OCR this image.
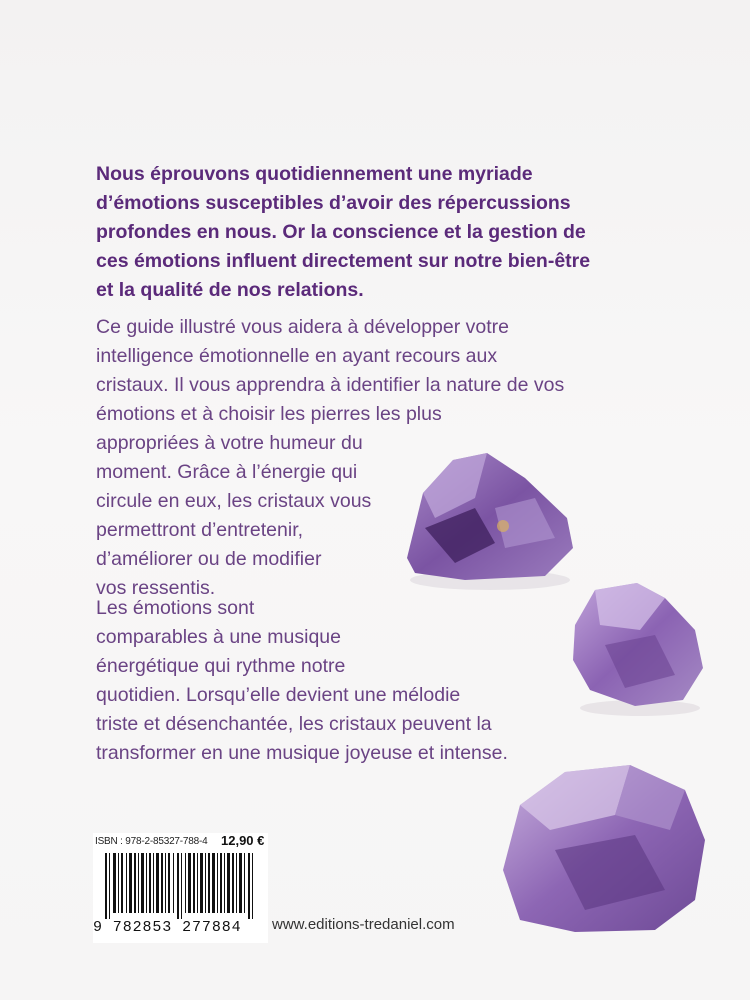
Nous éprouvons quotidiennement une myriade
d’émotions susceptibles d’avoir des répercussions
profondes en nous. Or la conscience et la gestion de
ces émotions influent directement sur notre bien-être
et la qualité de nos relations.

Ce guide illustré vous aidera à développer votre
intelligence émotionnelle en ayant recours aux
cristaux. Il vous apprendra à identifier la nature de vos
émotions et à choisir les pierres les plus
appropriées à votre humeur du
moment. Grâce à l’énergie qui
circule en eux, les cristaux vous
permettront d’entretenir,
d’améliorer ou de modifier
vos ressentis.

Les émotions sont
comparables à une musique
énergétique qui rythme notre
quotidien. Lorsqu’elle devient une mélodie
triste et désenchantée, les cristaux peuvent la
transformer en une musique joyeuse et intense.

ISBN : 978-2-85327-788-4 12,90 €
9 782853 277884	www.editions-tredaniel.com
